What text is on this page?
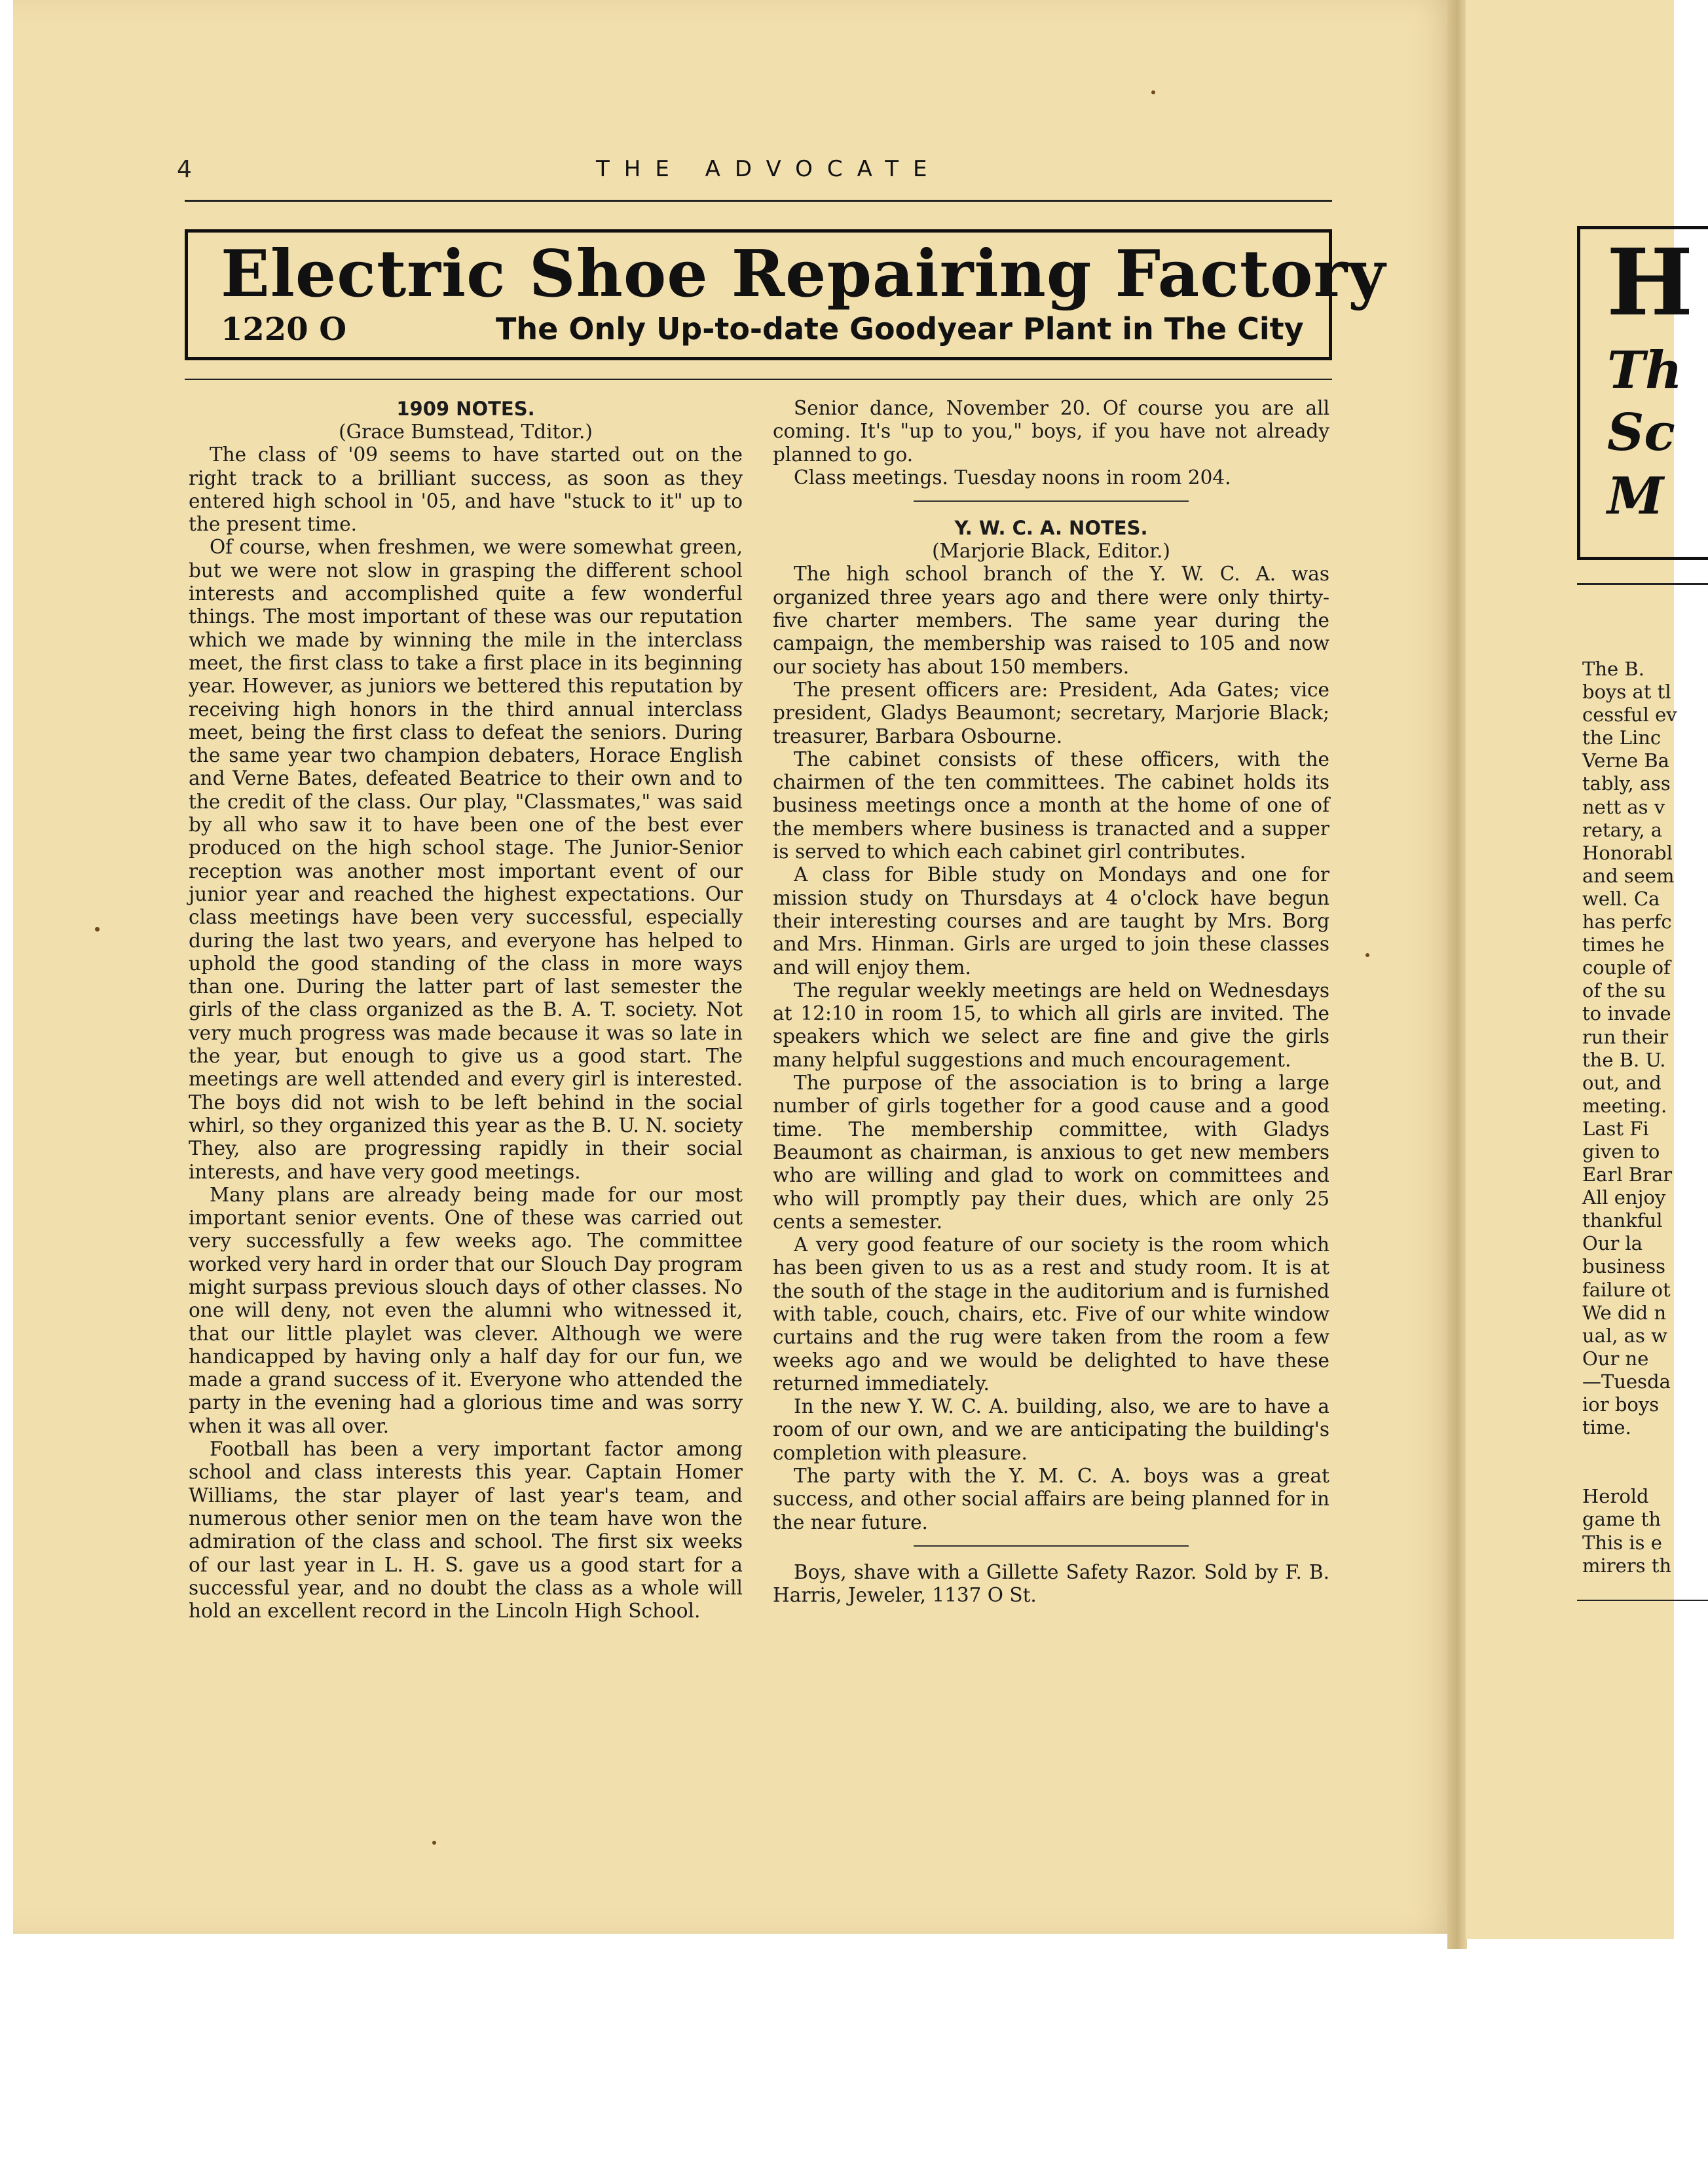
4	THE ADVOCATE
Electric Shoe Repairing Factory
1220 O	The Only Up-to-date Goodyear Plant in The City
1909 NOTES.
(Grace Bumstead, Tditor.)

The class of '09 seems to have started out on the right track to a brilliant success, as soon as they entered high school in '05, and have "stuck to it" up to the present time.

Of course, when freshmen, we were somewhat green, but we were not slow in grasping the different school interests and accomplished quite a few wonderful things. The most important of these was our reputation which we made by winning the mile in the interclass meet, the first class to take a first place in its beginning year. However, as juniors we bettered this reputation by receiving high honors in the third annual interclass meet, being the first class to defeat the seniors. During the same year two champion debaters, Horace English and Verne Bates, defeated Beatrice to their own and to the credit of the class. Our play, "Classmates," was said by all who saw it to have been one of the best ever produced on the high school stage. The Junior-Senior reception was another most important event of our junior year and reached the highest expectations. Our class meetings have been very successful, especially during the last two years, and everyone has helped to uphold the good standing of the class in more ways than one. During the latter part of last semester the girls of the class organized as the B. A. T. society. Not very much progress was made because it was so late in the year, but enough to give us a good start. The meetings are well attended and every girl is interested. The boys did not wish to be left behind in the social whirl, so they organized this year as the B. U. N. society They, also are progressing rapidly in their social interests, and have very good meetings.

Many plans are already being made for our most important senior events. One of these was carried out very successfully a few weeks ago. The committee worked very hard in order that our Slouch Day program might surpass previous slouch days of other classes. No one will deny, not even the alumni who witnessed it, that our little playlet was clever. Although we were handicapped by having only a half day for our fun, we made a grand success of it. Everyone who attended the party in the evening had a glorious time and was sorry when it was all over.

Football has been a very important factor among school and class interests this year. Captain Homer Williams, the star player of last year's team, and numerous other senior men on the team have won the admiration of the class and school. The first six weeks of our last year in L. H. S. gave us a good start for a successful year, and no doubt the class as a whole will hold an excellent record in the Lincoln High School.

Senior dance, November 20. Of course you are all coming. It's "up to you," boys, if you have not already planned to go.

Class meetings. Tuesday noons in room 204.

Y. W. C. A. NOTES.
(Marjorie Black, Editor.)

The high school branch of the Y. W. C. A. was organized three years ago and there were only thirty-five charter members. The same year during the campaign, the membership was raised to 105 and now our society has about 150 members.

The present officers are: President, Ada Gates; vice president, Gladys Beaumont; secretary, Marjorie Black; treasurer, Barbara Osbourne.

The cabinet consists of these officers, with the chairmen of the ten committees. The cabinet holds its business meetings once a month at the home of one of the members where business is tranacted and a supper is served to which each cabinet girl contributes.

A class for Bible study on Mondays and one for mission study on Thursdays at 4 o'clock have begun their interesting courses and are taught by Mrs. Borg and Mrs. Hinman. Girls are urged to join these classes and will enjoy them.

The regular weekly meetings are held on Wednesdays at 12:10 in room 15, to which all girls are invited. The speakers which we select are fine and give the girls many helpful suggestions and much encouragement.

The purpose of the association is to bring a large number of girls together for a good cause and a good time. The membership committee, with Gladys Beaumont as chairman, is anxious to get new members who are willing and glad to work on committees and who will promptly pay their dues, which are only 25 cents a semester.

A very good feature of our society is the room which has been given to us as a rest and study room. It is at the south of the stage in the auditorium and is furnished with table, couch, chairs, etc. Five of our white window curtains and the rug were taken from the room a few weeks ago and we would be delighted to have these returned immediately.

In the new Y. W. C. A. building, also, we are to have a room of our own, and we are anticipating the building's completion with pleasure.

The party with the Y. M. C. A. boys was a great success, and other social affairs are being planned for in the near future.

Boys, shave with a Gillette Safety Razor. Sold by F. B. Harris, Jeweler, 1137 O St.

H
Th
Sc
M
The B.
boys at tl
cessful ev
the Linc
Verne Ba
tably, ass
nett as v
retary, a
Honorabl
and seem
well. Ca
has perfc
times he
couple of
of the su
to invade
run their
the B. U.
out, and
meeting.
Last Fi
given to
Earl Brar
All enjoy
thankful
Our la
business
failure ot
We did n
ual, as w
Our ne
—Tuesda
ior boys
time.
Herold
game th
This is e
mirers th
